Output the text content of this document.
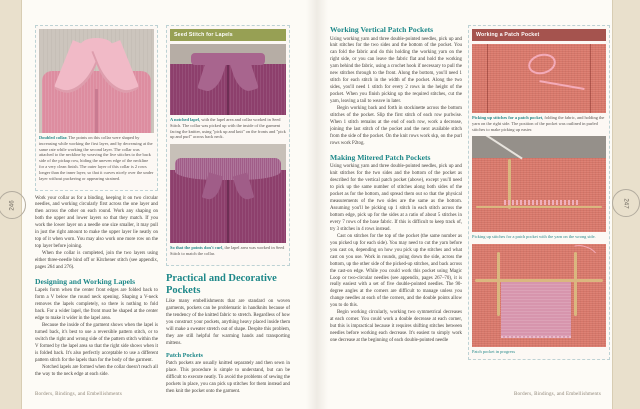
Doubled collar. The points on this collar were shaped by increasing while working the first layer, and by decreasing at the same rate while working the second layer. The collar was attached to the neckline by weaving the live stitches to the back side of the pickup row, hiding the uneven edge of the neckline for a very clean finish. The outer layer of this collar is 2 rows longer than the inner layer, so that it curves nicely over the under layer without puckering or appearing strained.

Work your collar as for a binding, keeping it on two circular needles, and working circularly first across the one layer and then across the other on each round. Work any shaping on both the upper and lower layers so that they match. If you work the lower layer on a needle one size smaller, it may pull in just the right amount to make the upper layer lie neatly on top of it when worn. You may also work one more row on the top layer before joining.

When the collar is completed, join the two layers using either three-needle bind off or Kitchener stitch (see appendix, pages 264 and 276).

Designing and Working Lapels

Lapels form when the center front edges are folded back to form a V below the round neck opening. Shaping a V-neck removes the lapels completely, so there is nothing to fold back. For a wider lapel, the front must be shaped at the center edge to make it wider in the lapel area.

Because the inside of the garment shows when the lapel is turned back, it's best to use a reversible pattern stitch, or to switch the right and wrong side of the pattern stitch within the V formed by the lapel area so that the right side shows when it is folded back. It's also perfectly acceptable to use a different pattern stitch for the lapels than for the body of the garment.

Notched lapels are formed when the collar doesn't reach all the way to the neck edge at each side.

Seed Stitch for Lapels

A notched lapel, with the lapel area and collar worked in Seed Stitch. The collar was picked up with the inside of the garment facing the knitter, using "pick up and knit" on the fronts and "pick up and purl" across back neck.

So that the points don't curl, the lapel area was worked in Seed Stitch to match the collar.

Practical and Decorative Pockets

Like many embellishments that are standard on woven garments, pockets can be problematic in handknits because of the tendency of the knitted fabric to stretch. Regardless of how you construct your pockets, anything heavy placed inside them will make a sweater stretch out of shape. Despite this problem, they are still helpful for warming hands and transporting mittens.

Patch Pockets

Patch pockets are usually knitted separately and then sewn in place. This procedure is simple to understand, but can be difficult to execute neatly. To avoid the problems of sewing the pockets in place, you can pick up stitches for them instead and then knit the pocket onto the garment.

Working Vertical Patch Pockets

Using working yarn and three double-pointed needles, pick up and knit stitches for the two sides and the bottom of the pocket. You can fold the fabric and do this holding the working yarn on the right side, or you can leave the fabric flat and hold the working yarn behind the fabric, using a crochet hook if necessary to pull the new stitches through to the front. Along the bottom, you'll need 1 stitch for each stitch in the width of the pocket. Along the two sides, you'll need 1 stitch for every 2 rows in the height of the pocket. When you finish picking up the required stitches, cut the yarn, leaving a tail to weave in later.

Begin working back and forth in stockinette across the bottom stitches of the pocket. Slip the first stitch of each row purlwise. When 1 stitch remains at the end of each row, work a decrease, joining the last stitch of the pocket and the next available stitch from the side of the pocket. On the knit rows work skp, on the purl rows work P2tog.

Making Mitered Patch Pockets

Using working yarn and three double-pointed needles, pick up and knit stitches for the two sides and the bottom of the pocket as described for the vertical patch pocket (above), except you'll need to pick up the same number of stitches along both sides of the pocket as for the bottom, and spread them out so that the physical measurements of the two sides are the same as the bottom. Assuming you'll be picking up 1 stitch in each stitch across the bottom edge, pick up for the sides at a ratio of about 5 stitches in every 7 rows of the base fabric. If this is difficult to keep track of, try 3 stitches in 4 rows instead.

Cast on stitches for the top of the pocket (the same number as you picked up for each side). You may need to cut the yarn before you cast on, depending on how you pick up the stitches and what cast on you use. Work in rounds, going down the side, across the bottom, up the other side of the picked-up stitches, and back across the cast-on edge. While you could work this pocket using Magic Loop or two-circular needles (see appendix, pages 267–70), it is really easiest with a set of five double-pointed needles. The 90-degree angles at the corners are difficult to manage unless you change needles at each of the corners, and the double points allow you to do this.

Begin working circularly, working two symmetrical decreases at each corner. You could work a double decrease at each corner, but this is impractical because it requires shifting stitches between needles before working each decrease. It's easiest to simply work one decrease at the beginning of each double-pointed needle

Working a Patch Pocket

Picking up stitches for a patch pocket, folding the fabric, and holding the yarn on the right side. The position of the pocket was outlined in purled stitches to make picking up easier.

Picking up stitches for a patch pocket with the yarn on the wrong side.

Patch pocket in progress

Borders, Bindings, and Embellishments	Borders, Bindings, and Embellishments
246	247
